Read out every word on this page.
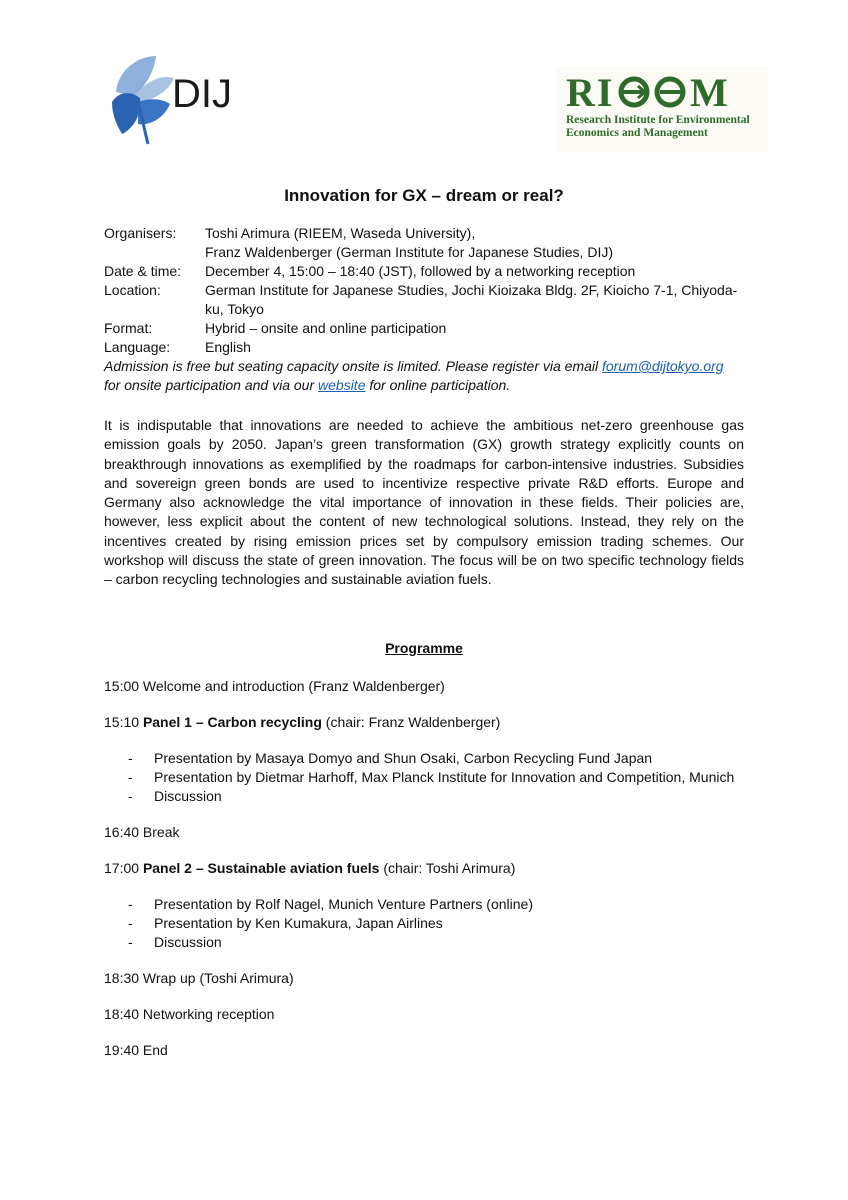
DIJ	RI M
Research Institute for Environmental
Economics and Management
Innovation for GX – dream or real?
Organisers:	Toshi Arimura (RIEEM, Waseda University),
Franz Waldenberger (German Institute for Japanese Studies, DIJ)
Date & time:	December 4, 15:00 – 18:40 (JST), followed by a networking reception
Location:	German Institute for Japanese Studies, Jochi Kioizaka Bldg. 2F, Kioicho 7-1, Chiyoda-
ku, Tokyo
Format:	Hybrid – onsite and online participation
Language:	English
Admission is free but seating capacity onsite is limited. Please register via email forum@dijtokyo.org
for onsite participation and via our website for online participation.
It is indisputable that innovations are needed to achieve the ambitious net-zero greenhouse gas emission goals by 2050. Japan’s green transformation (GX) growth strategy explicitly counts on breakthrough innovations as exemplified by the roadmaps for carbon-intensive industries. Subsidies and sovereign green bonds are used to incentivize respective private R&D efforts. Europe and Germany also acknowledge the vital importance of innovation in these fields. Their policies are, however, less explicit about the content of new technological solutions. Instead, they rely on the incentives created by rising emission prices set by compulsory emission trading schemes. Our workshop will discuss the state of green innovation. The focus will be on two specific technology fields – carbon recycling technologies and sustainable aviation fuels.
Programme
15:00 Welcome and introduction (Franz Waldenberger)
15:10 Panel 1 – Carbon recycling (chair: Franz Waldenberger)
- Presentation by Masaya Domyo and Shun Osaki, Carbon Recycling Fund Japan
- Presentation by Dietmar Harhoff, Max Planck Institute for Innovation and Competition, Munich
- Discussion
16:40 Break
17:00 Panel 2 – Sustainable aviation fuels (chair: Toshi Arimura)
- Presentation by Rolf Nagel, Munich Venture Partners (online)
- Presentation by Ken Kumakura, Japan Airlines
- Discussion
18:30 Wrap up (Toshi Arimura)
18:40 Networking reception
19:40 End
